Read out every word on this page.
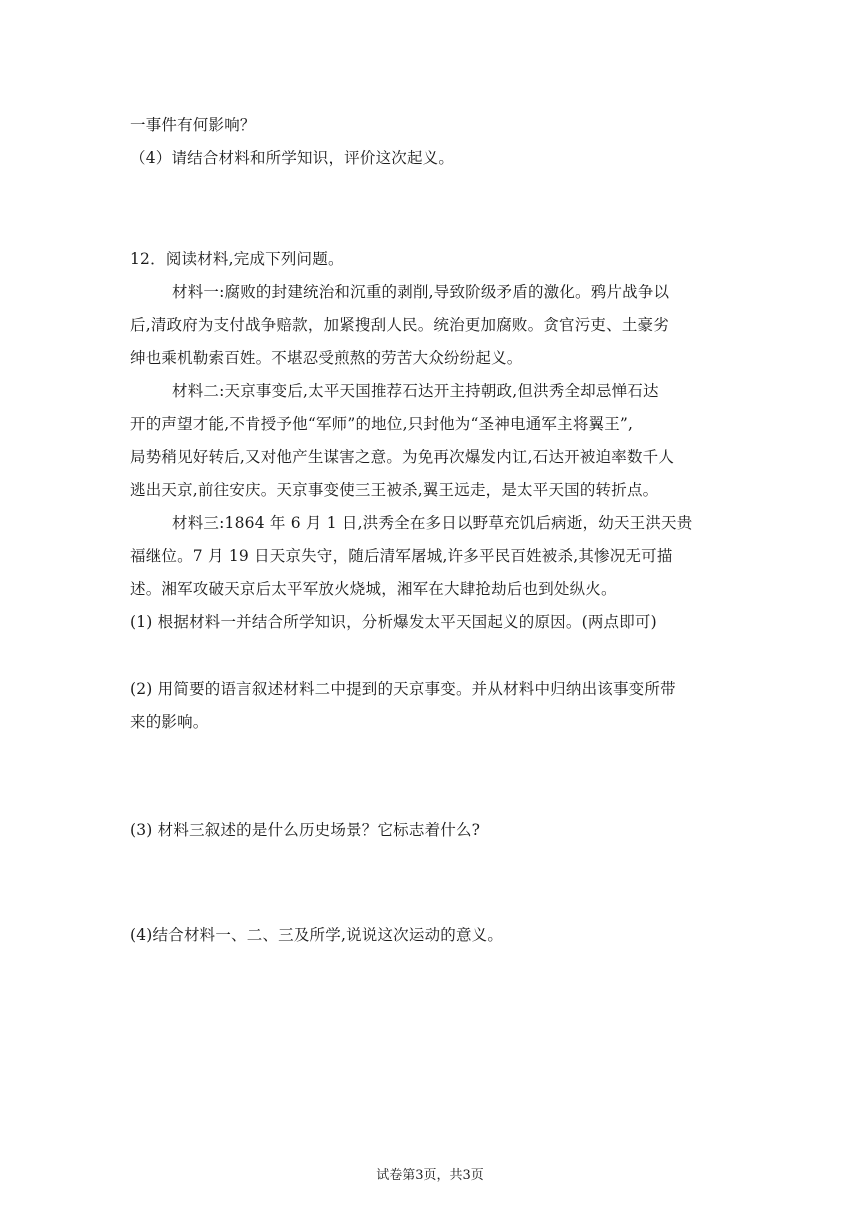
一事件有何影响？
（4）请结合材料和所学知识，评价这次起义。
12．阅读材料,完成下列问题。
材料一:腐败的封建统治和沉重的剥削,导致阶级矛盾的激化。鸦片战争以
后,清政府为支付战争赔款，加紧搜刮人民。统治更加腐败。贪官污吏、土豪劣
绅也乘机勒索百姓。不堪忍受煎熬的劳苦大众纷纷起义。
材料二:天京事变后,太平天国推荐石达开主持朝政,但洪秀全却忌惮石达
开的声望才能,不肯授予他“军师”的地位,只封他为“圣神电通军主将翼王”,
局势稍见好转后,又对他产生谋害之意。为免再次爆发内讧,石达开被迫率数千人
逃出天京,前往安庆。天京事变使三王被杀,翼王远走，是太平天国的转折点。
材料三:1864 年 6 月 1 日,洪秀全在多日以野草充饥后病逝，幼天王洪天贵
福继位。7 月 19 日天京失守，随后清军屠城,许多平民百姓被杀,其惨况无可描
述。湘军攻破天京后太平军放火烧城，湘军在大肆抢劫后也到处纵火。
(1) 根据材料一并结合所学知识，分析爆发太平天国起义的原因。(两点即可)
(2) 用简要的语言叙述材料二中提到的天京事变。并从材料中归纳出该事变所带
来的影响。
(3) 材料三叙述的是什么历史场景？它标志着什么?
(4)结合材料一、二、三及所学,说说这次运动的意义。
试卷第3页，共3页
